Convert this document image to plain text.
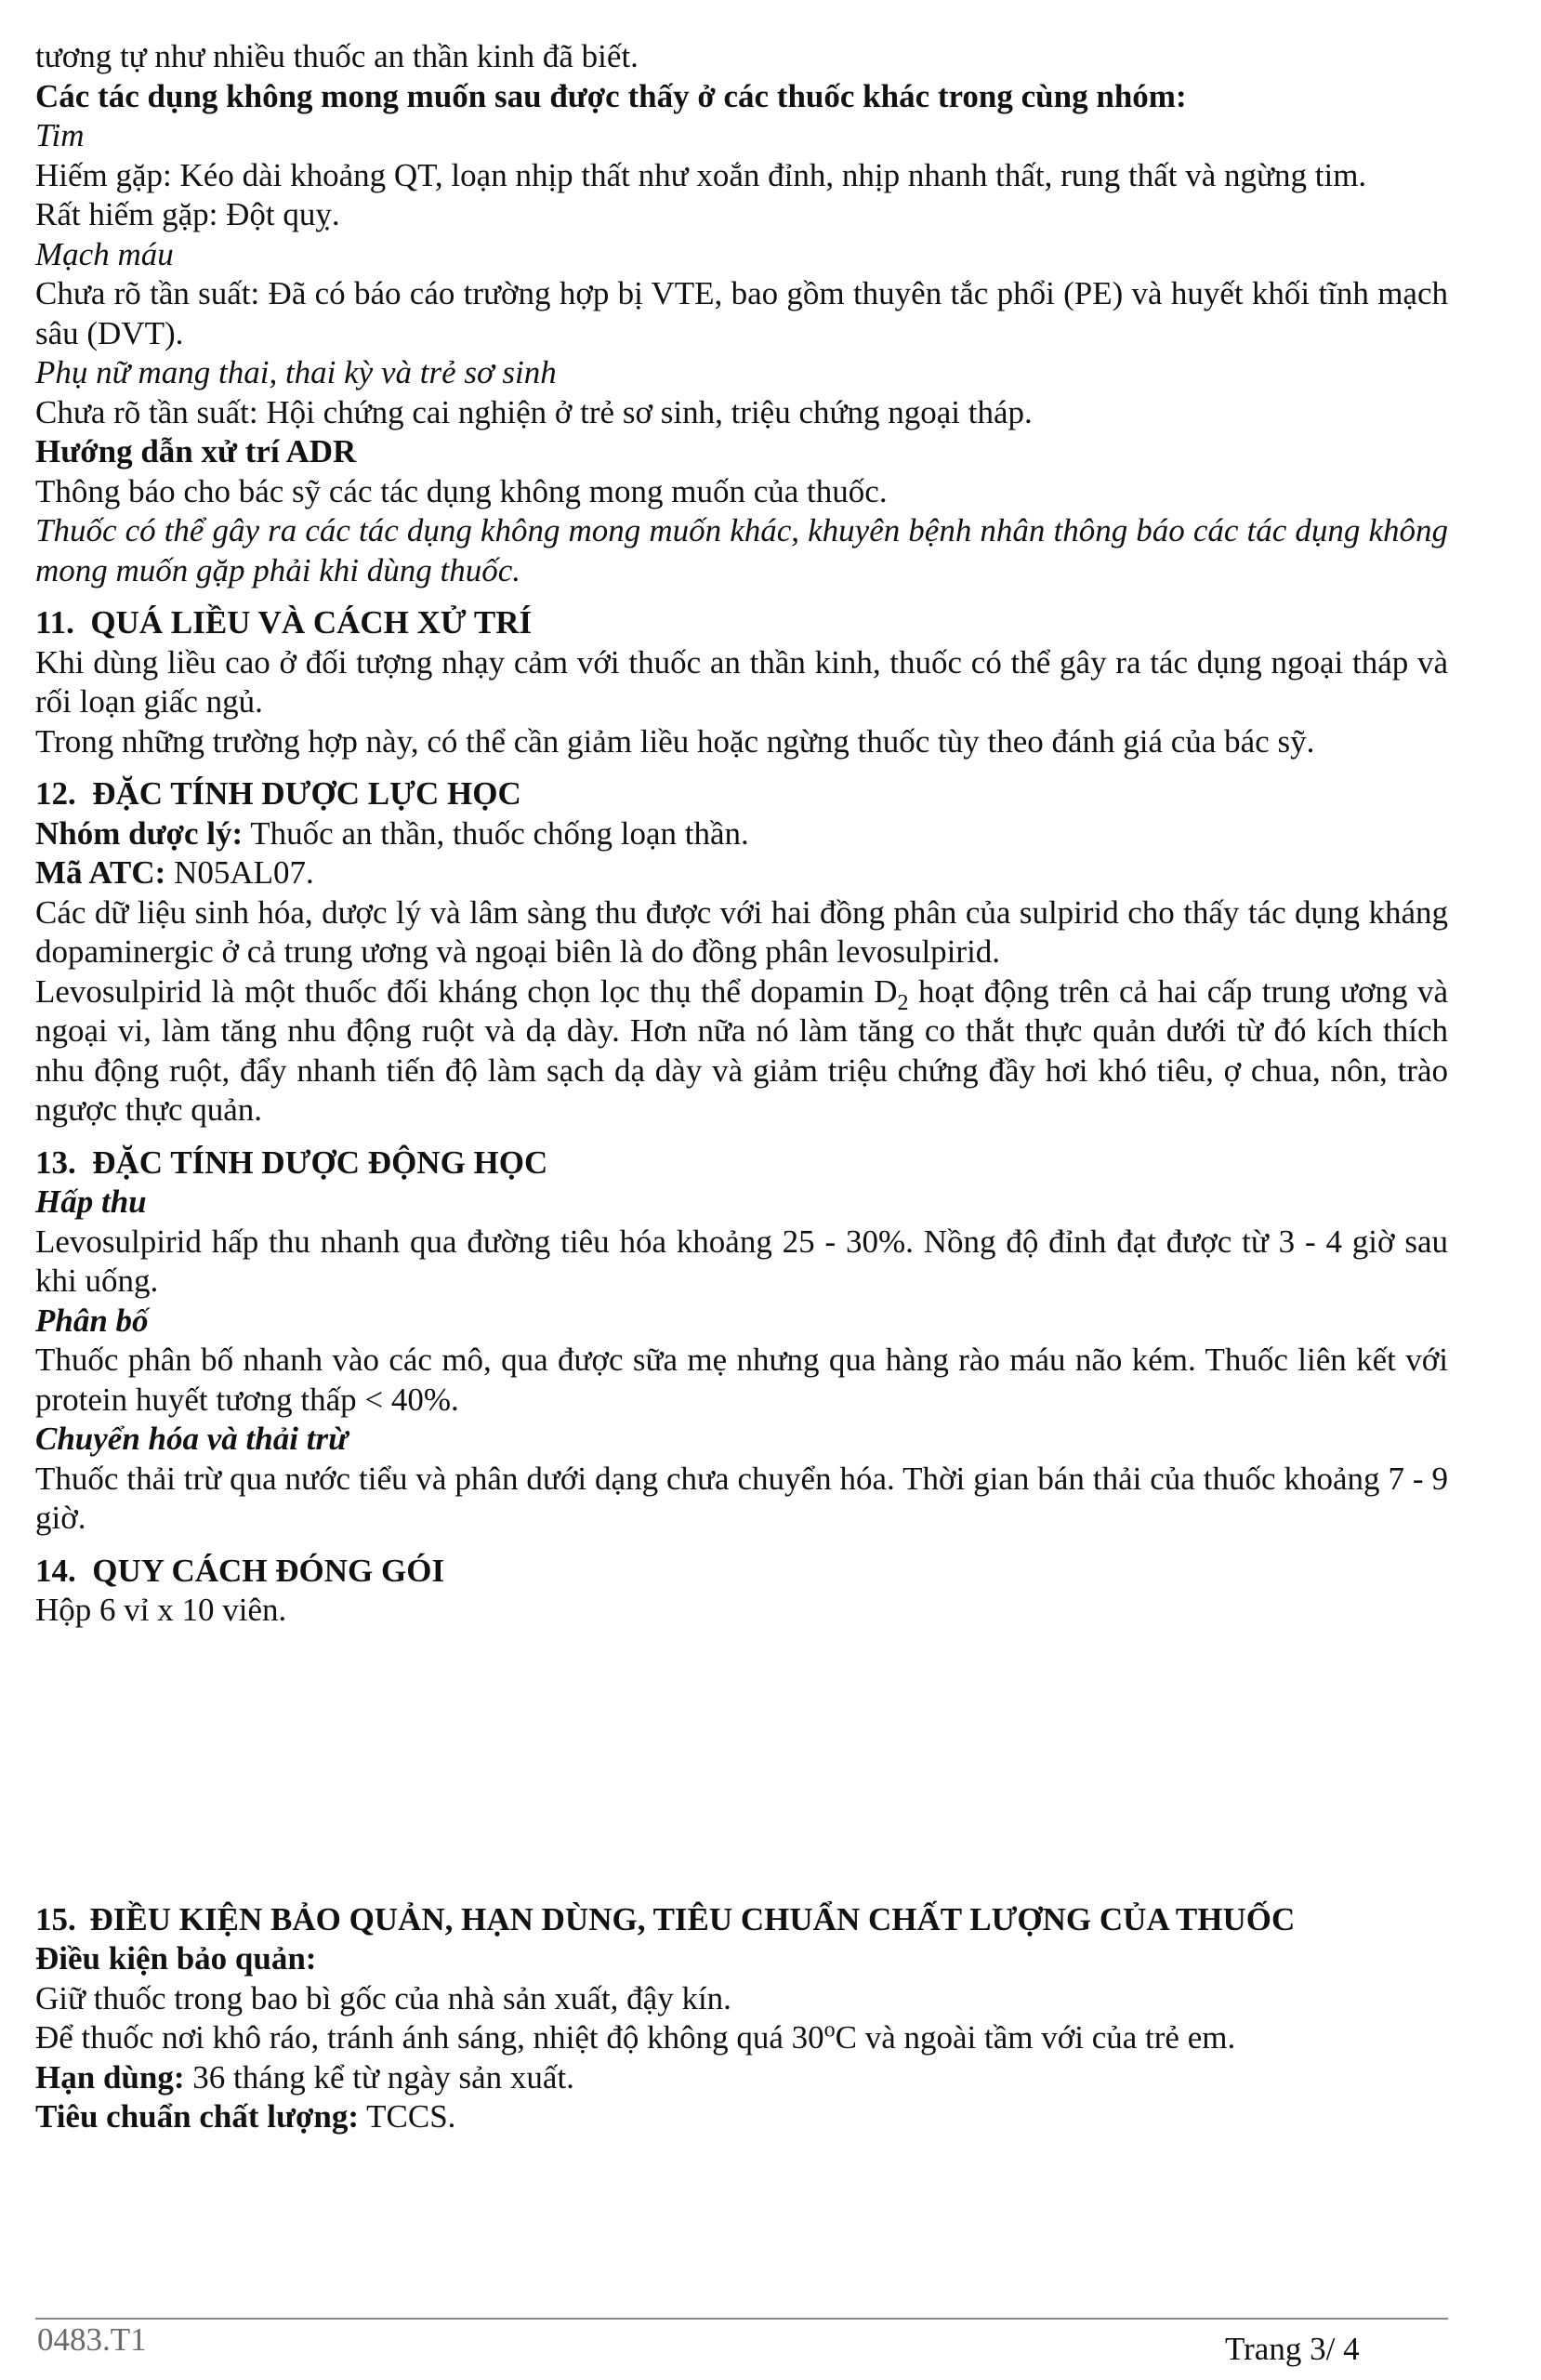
tương tự như nhiều thuốc an thần kinh đã biết.

Các tác dụng không mong muốn sau được thấy ở các thuốc khác trong cùng nhóm:

Tim

Hiếm gặp: Kéo dài khoảng QT, loạn nhịp thất như xoắn đỉnh, nhịp nhanh thất, rung thất và ngừng tim.

Rất hiếm gặp: Đột quỵ.

Mạch máu

Chưa rõ tần suất: Đã có báo cáo trường hợp bị VTE, bao gồm thuyên tắc phổi (PE) và huyết khối tĩnh mạch sâu (DVT).

Phụ nữ mang thai, thai kỳ và trẻ sơ sinh

Chưa rõ tần suất: Hội chứng cai nghiện ở trẻ sơ sinh, triệu chứng ngoại tháp.

Hướng dẫn xử trí ADR

Thông báo cho bác sỹ các tác dụng không mong muốn của thuốc.

Thuốc có thể gây ra các tác dụng không mong muốn khác, khuyên bệnh nhân thông báo các tác dụng không mong muốn gặp phải khi dùng thuốc.

11. QUÁ LIỀU VÀ CÁCH XỬ TRÍ

Khi dùng liều cao ở đối tượng nhạy cảm với thuốc an thần kinh, thuốc có thể gây ra tác dụng ngoại tháp và rối loạn giấc ngủ.

Trong những trường hợp này, có thể cần giảm liều hoặc ngừng thuốc tùy theo đánh giá của bác sỹ.

12. ĐẶC TÍNH DƯỢC LỰC HỌC

Nhóm dược lý: Thuốc an thần, thuốc chống loạn thần.

Mã ATC: N05AL07.

Các dữ liệu sinh hóa, dược lý và lâm sàng thu được với hai đồng phân của sulpirid cho thấy tác dụng kháng dopaminergic ở cả trung ương và ngoại biên là do đồng phân levosulpirid.

Levosulpirid là một thuốc đối kháng chọn lọc thụ thể dopamin $D_2$ hoạt động trên cả hai cấp trung ương và ngoại vi, làm tăng nhu động ruột và dạ dày. Hơn nữa nó làm tăng co thắt thực quản dưới từ đó kích thích nhu động ruột, đẩy nhanh tiến độ làm sạch dạ dày và giảm triệu chứng đầy hơi khó tiêu, ợ chua, nôn, trào ngược thực quản.

13. ĐẶC TÍNH DƯỢC ĐỘNG HỌC

Hấp thu

Levosulpirid hấp thu nhanh qua đường tiêu hóa khoảng 25 - 30%. Nồng độ đỉnh đạt được từ 3 - 4 giờ sau khi uống.

Phân bố

Thuốc phân bố nhanh vào các mô, qua được sữa mẹ nhưng qua hàng rào máu não kém. Thuốc liên kết với protein huyết tương thấp < 40%.

Chuyển hóa và thải trừ

Thuốc thải trừ qua nước tiểu và phân dưới dạng chưa chuyển hóa. Thời gian bán thải của thuốc khoảng 7 - 9 giờ.

14. QUY CÁCH ĐÓNG GÓI

Hộp 6 vỉ x 10 viên.

15. ĐIỀU KIỆN BẢO QUẢN, HẠN DÙNG, TIÊU CHUẨN CHẤT LƯỢNG CỦA THUỐC

Điều kiện bảo quản:

Giữ thuốc trong bao bì gốc của nhà sản xuất, đậy kín.

Để thuốc nơi khô ráo, tránh ánh sáng, nhiệt độ không quá 30$^o$C và ngoài tầm với của trẻ em.

Hạn dùng: 36 tháng kể từ ngày sản xuất.

Tiêu chuẩn chất lượng: TCCS.

0483.T1	Trang 3/ 4
